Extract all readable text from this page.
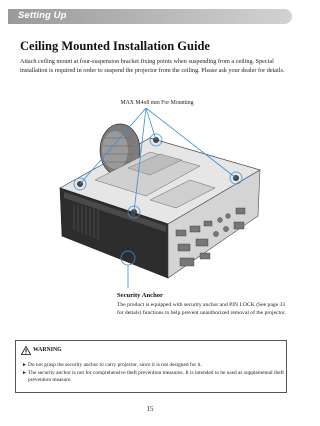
Setting Up
Ceiling Mounted Installation Guide

Attach ceiling mount at four-suspension bracket fixing points when suspending from a ceiling. Special installation is required in order to suspend the projector from the ceiling. Please ask your dealer for details.

MAX M4x8 mm For Mounting
Security Anchor

The product is equipped with security anchor and PIN LOCK (See page 33 for detials) functions to help prevent unauthorized removal of the projector.

WARNING
► Do not grasp the security anchor to carry projector, since it is not designed for it.
► The security anchor is not for comprehensive theft prevention measures. It is intended to be used as supplemental theft prevention measure.
15
